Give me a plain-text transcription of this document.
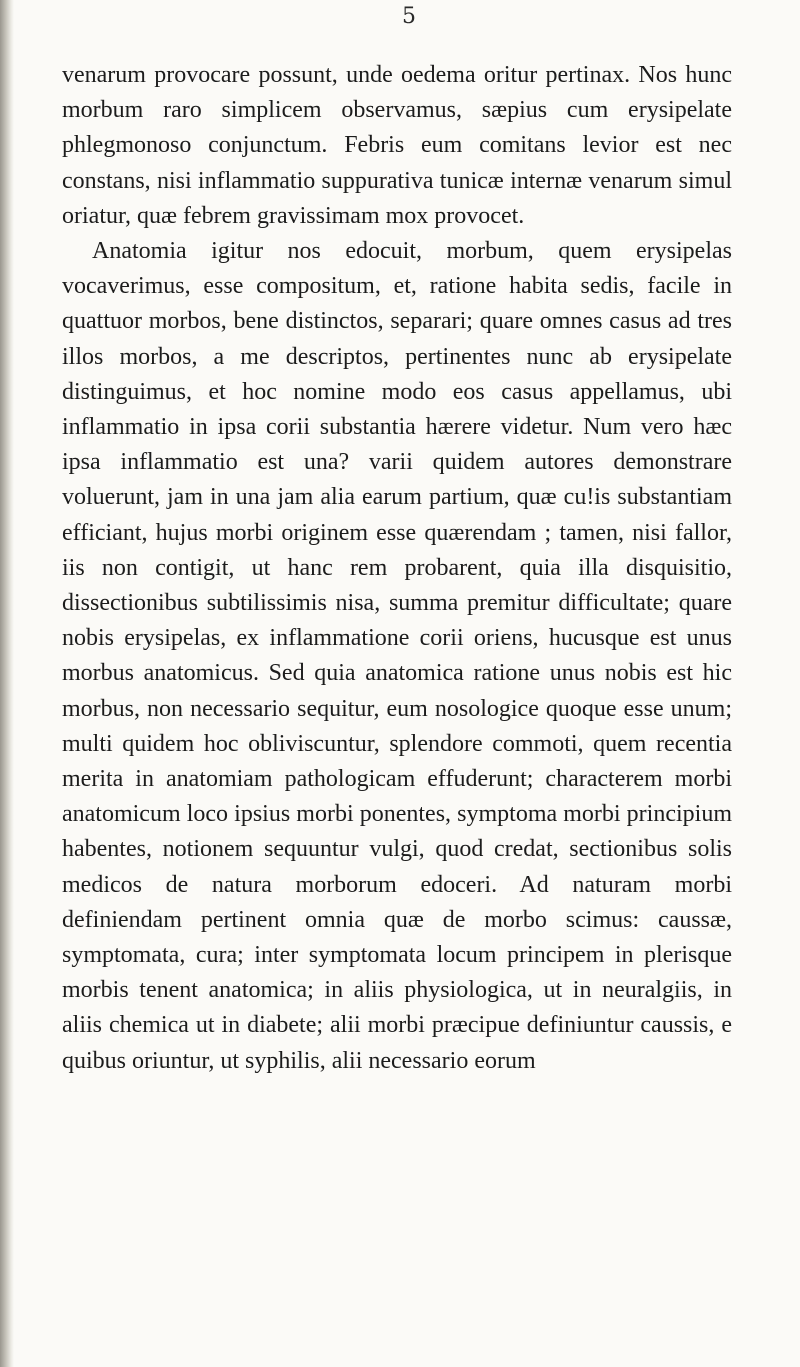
5

venarum provocare possunt, unde oedema oritur pertinax. Nos hunc morbum raro simplicem observamus, sæpius cum erysipelate phlegmonoso conjunctum. Febris eum comitans levior est nec constans, nisi inflammatio suppurativa tunicæ internæ venarum simul oriatur, quæ febrem gravissimam mox provocet.

Anatomia igitur nos edocuit, morbum, quem erysipelas vocaverimus, esse compositum, et, ratione habita sedis, facile in quattuor morbos, bene distinctos, separari; quare omnes casus ad tres illos morbos, a me descriptos, pertinentes nunc ab erysipelate distinguimus, et hoc nomine modo eos casus appellamus, ubi inflammatio in ipsa corii substantia hærere videtur. Num vero hæc ipsa inflammatio est una? varii quidem autores demonstrare voluerunt, jam in una jam alia earum partium, quæ cu!is substantiam efficiant, hujus morbi originem esse quærendam ; tamen, nisi fallor, iis non contigit, ut hanc rem probarent, quia illa disquisitio, dissectionibus subtilissimis nisa, summa premitur difficultate; quare nobis erysipelas, ex inflammatione corii oriens, hucusque est unus morbus anatomicus. Sed quia anatomica ratione unus nobis est hic morbus, non necessario sequitur, eum nosologice quoque esse unum; multi quidem hoc obliviscuntur, splendore commoti, quem recentia merita in anatomiam pathologicam effuderunt; characterem morbi anatomicum loco ipsius morbi ponentes, symptoma morbi principium habentes, notionem sequuntur vulgi, quod credat, sectionibus solis medicos de natura morborum edoceri. Ad naturam morbi definiendam pertinent omnia quæ de morbo scimus: caussæ, symptomata, cura; inter symptomata locum principem in plerisque morbis tenent anatomica; in aliis physiologica, ut in neuralgiis, in aliis chemica ut in diabete; alii morbi præcipue definiuntur caussis, e quibus oriuntur, ut syphilis, alii necessario eorum
